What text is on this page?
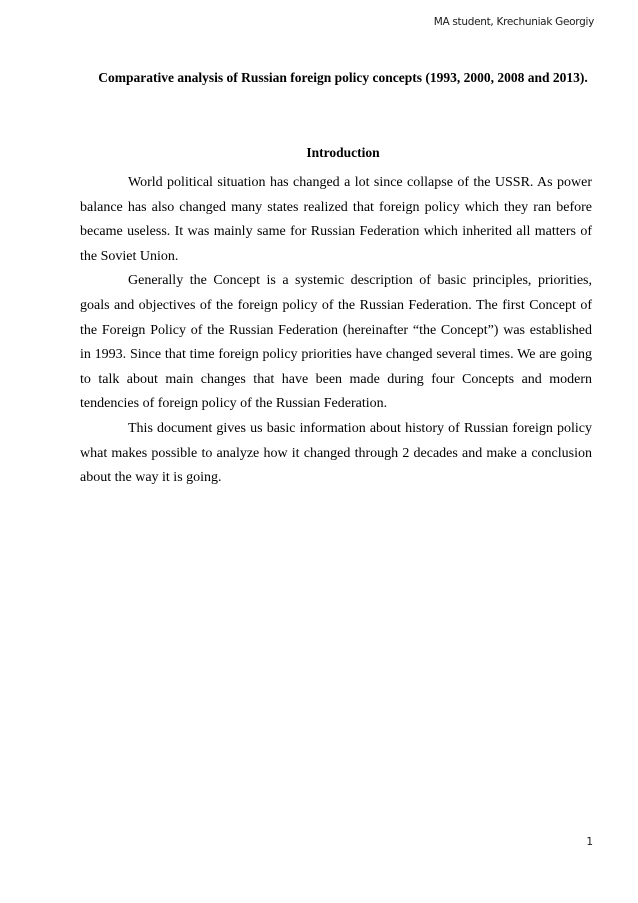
MA student, Krechuniak Georgiy
Comparative analysis of Russian foreign policy concepts (1993, 2000, 2008 and 2013).
Introduction

World political situation has changed a lot since collapse of the USSR. As power balance has also changed many states realized that foreign policy which they ran before became useless. It was mainly same for Russian Federation which inherited all matters of the Soviet Union.

Generally the Concept is a systemic description of basic principles, priorities, goals and objectives of the foreign policy of the Russian Federation. The first Concept of the Foreign Policy of the Russian Federation (hereinafter “the Concept”) was established in 1993. Since that time foreign policy priorities have changed several times. We are going to talk about main changes that have been made during four Concepts and modern tendencies of foreign policy of the Russian Federation.

This document gives us basic information about history of Russian foreign policy what makes possible to analyze how it changed through 2 decades and make a conclusion about the way it is going.

1
